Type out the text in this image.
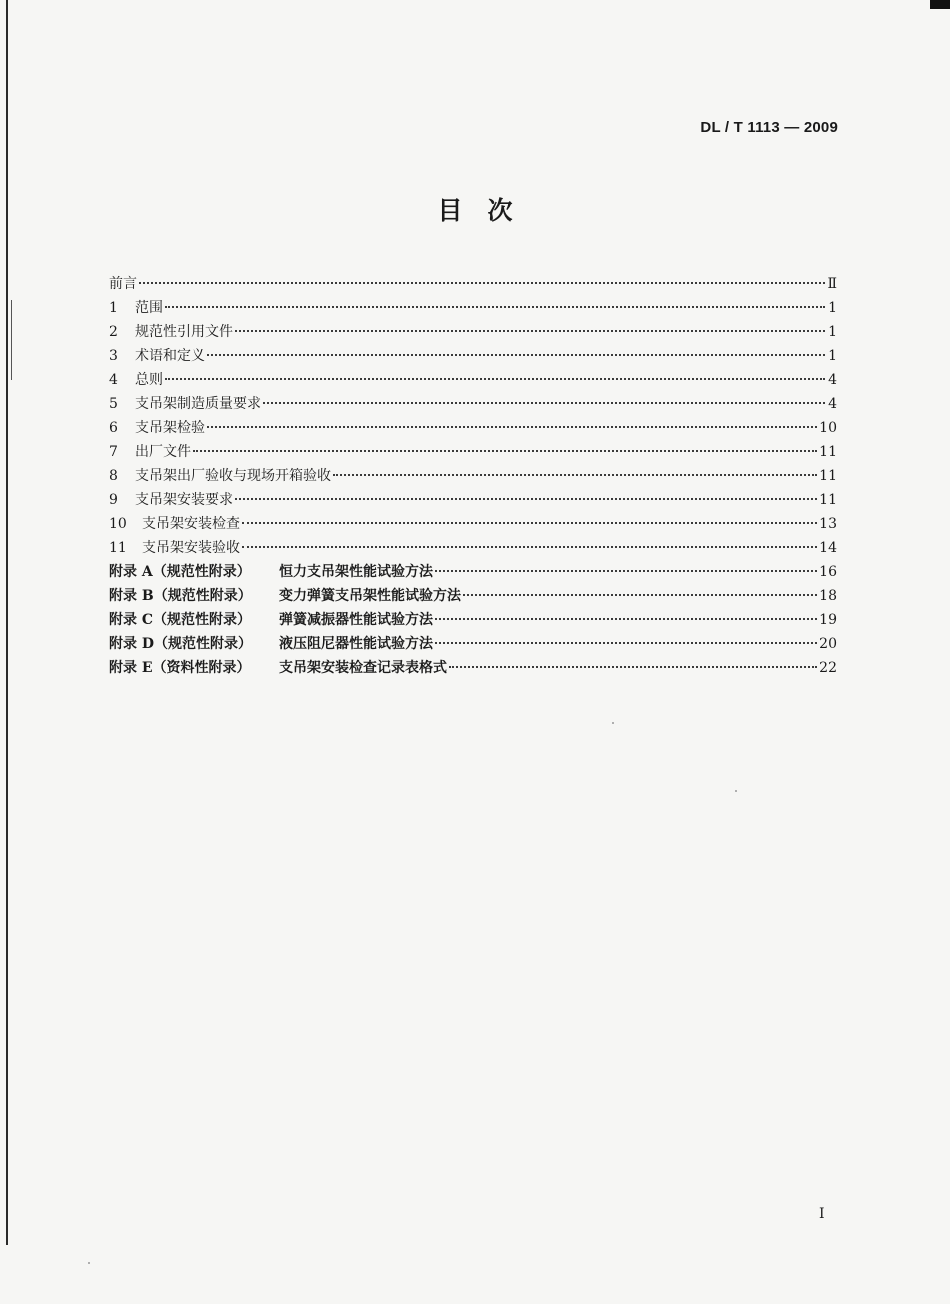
DL / T 1113 — 2009
目　次
前言	Ⅱ
1	范围	1
2	规范性引用文件	1
3	术语和定义	1
4	总则	4
5	支吊架制造质量要求	4
6	支吊架检验	10
7	出厂文件	11
8	支吊架出厂验收与现场开箱验收	11
9	支吊架安装要求	11
10	支吊架安装检查	13
11	支吊架安装验收	14
附录 A（规范性附录）	恒力支吊架性能试验方法	16
附录 B（规范性附录）	变力弹簧支吊架性能试验方法	18
附录 C（规范性附录）	弹簧减振器性能试验方法	19
附录 D（规范性附录）	液压阻尼器性能试验方法	20
附录 E（资料性附录）	支吊架安装检查记录表格式	22
I
